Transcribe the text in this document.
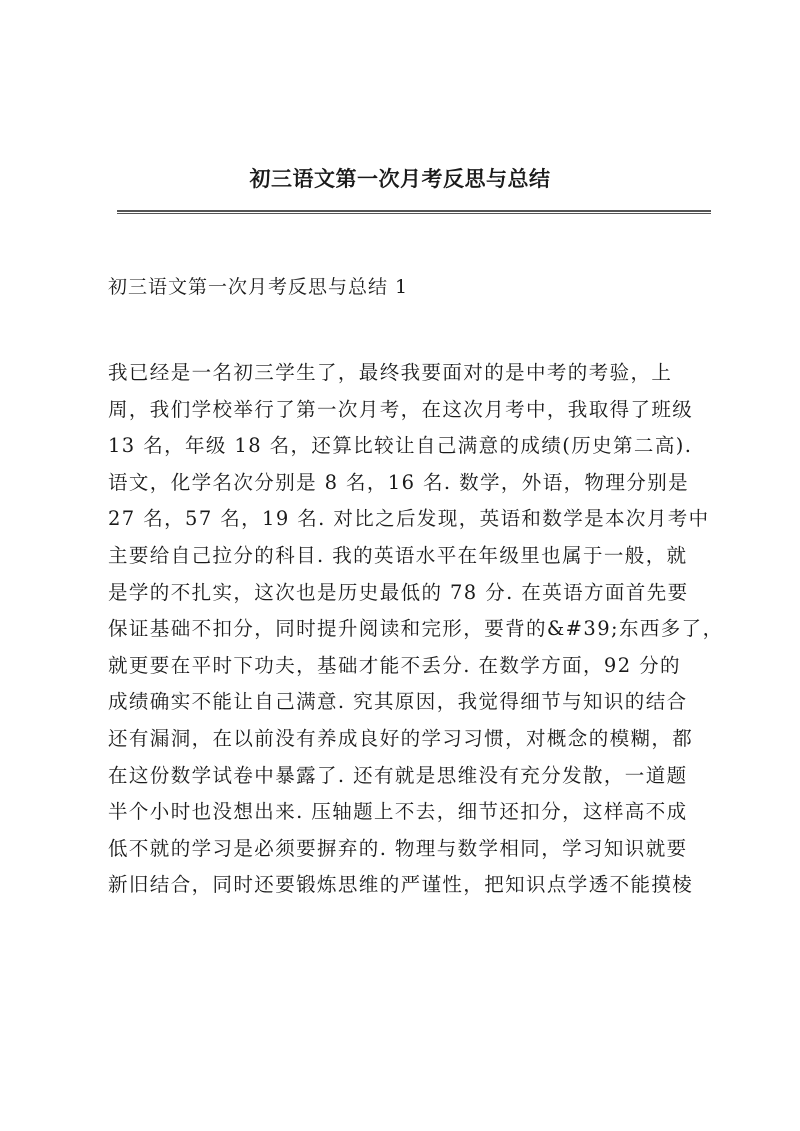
初三语文第一次月考反思与总结
初三语文第一次月考反思与总结 1
我已经是一名初三学生了，最终我要面对的是中考的考验，上
周，我们学校举行了第一次月考，在这次月考中，我取得了班级
13 名，年级 18 名，还算比较让自己满意的成绩(历史第二高).
语文，化学名次分别是 8 名，16 名. 数学，外语，物理分别是
27 名，57 名，19 名. 对比之后发现，英语和数学是本次月考中
主要给自己拉分的科目. 我的英语水平在年级里也属于一般，就
是学的不扎实，这次也是历史最低的 78 分. 在英语方面首先要
保证基础不扣分，同时提升阅读和完形，要背的&#39;东西多了，
就更要在平时下功夫，基础才能不丢分. 在数学方面，92 分的
成绩确实不能让自己满意. 究其原因，我觉得细节与知识的结合
还有漏洞，在以前没有养成良好的学习习惯，对概念的模糊，都
在这份数学试卷中暴露了. 还有就是思维没有充分发散，一道题
半个小时也没想出来. 压轴题上不去，细节还扣分，这样高不成
低不就的学习是必须要摒弃的. 物理与数学相同，学习知识就要
新旧结合，同时还要锻炼思维的严谨性，把知识点学透不能摸棱
